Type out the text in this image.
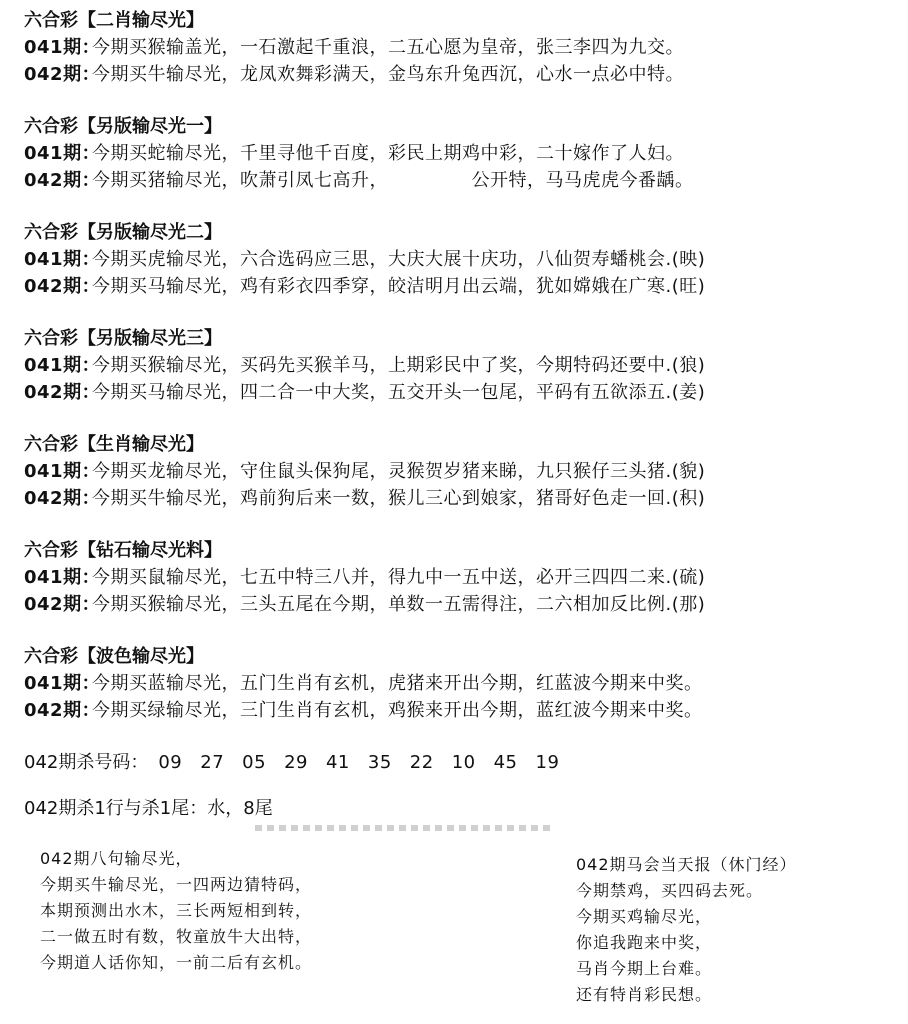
六合彩【二肖输尽光】
041期：今期买猴输盖光，一石激起千重浪，二五心愿为皇帝，张三李四为九交。
042期：今期买牛输尽光，龙凤欢舞彩满天，金鸟东升兔西沉，心水一点必中特。
六合彩【另版输尽光一】
041期：今期买蛇输尽光，千里寻他千百度，彩民上期鸡中彩，二十嫁作了人妇。
042期：今期买猪输尽光，吹萧引凤七高升，　　　　　公开特，马马虎虎今番龋。
六合彩【另版输尽光二】
041期：今期买虎输尽光，六合选码应三思，大庆大展十庆功，八仙贺寿蟠桃会.(映)
042期：今期买马输尽光，鸡有彩衣四季穿，皎洁明月出云端，犹如嫦娥在广寒.(旺)
六合彩【另版输尽光三】
041期：今期买猴输尽光，买码先买猴羊马，上期彩民中了奖，今期特码还要中.(狼)
042期：今期买马输尽光，四二合一中大奖，五交开头一包尾，平码有五欲添五.(姜)
六合彩【生肖输尽光】
041期：今期买龙输尽光，守住鼠头保狗尾，灵猴贺岁猪来睇，九只猴仔三头猪.(貌)
042期：今期买牛输尽光，鸡前狗后来一数，猴儿三心到娘家，猪哥好色走一回.(积)
六合彩【钻石输尽光料】
041期：今期买鼠输尽光，七五中特三八并，得九中一五中送，必开三四四二来.(硫)
042期：今期买猴输尽光，三头五尾在今期，单数一五需得注，二六相加反比例.(那)
六合彩【波色输尽光】
041期：今期买蓝输尽光，五门生肖有玄机，虎猪来开出今期，红蓝波今期来中奖。
042期：今期买绿输尽光，三门生肖有玄机，鸡猴来开出今期，蓝红波今期来中奖。
042期杀号码： 09 27 05 29 41 35 22 10 45 19
042期杀1行与杀1尾：水，8尾
042期八句输尽光，
今期买牛输尽光，一四两边猜特码，
本期预测出水木，三长两短相到转，
二一做五时有数，牧童放牛大出特，
今期道人话你知，一前二后有玄机。
042期马会当天报（休门经）
今期禁鸡，买四码去死。
今期买鸡输尽光，
你追我跑来中奖，
马肖今期上台难。
还有特肖彩民想。
